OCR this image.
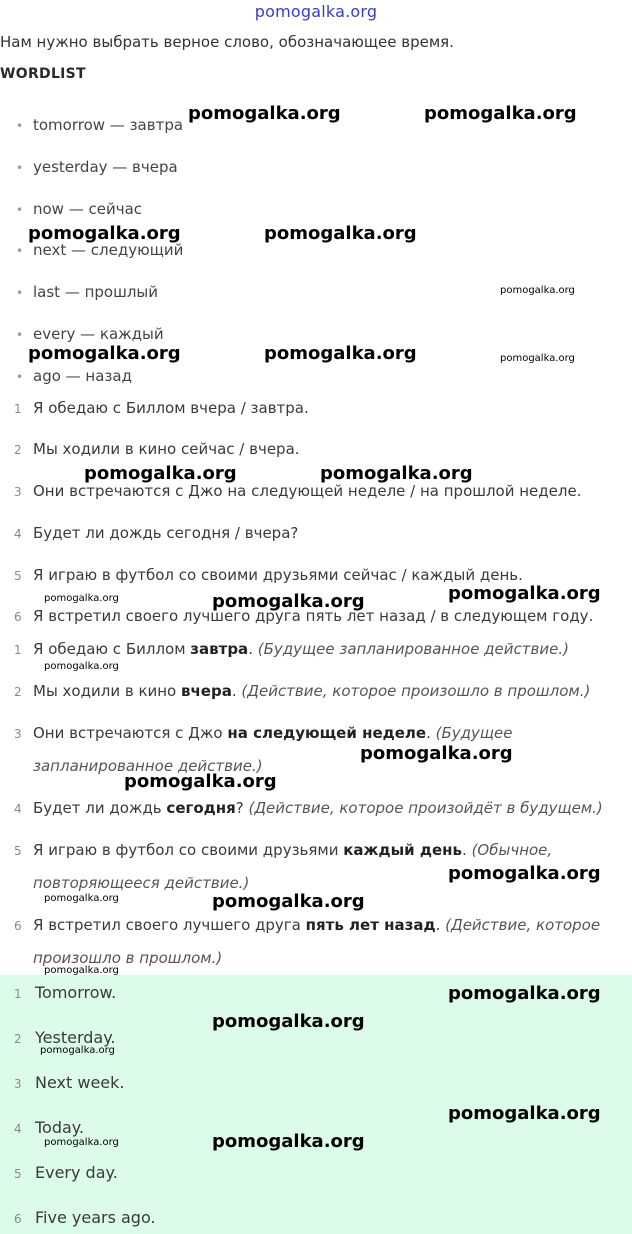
pomogalka.org
Нам нужно выбрать верное слово, обозначающее время.
WORDLIST
• tomorrow — завтра
• yesterday — вчера
• now — сейчас
• next — следующий
• last — прошлый
• every — каждый
• ago — назад
1 Я обедаю с Биллом вчера / завтра.
2 Мы ходили в кино сейчас / вчера.
3 Они встречаются с Джо на следующей неделе / на прошлой неделе.
4 Будет ли дождь сегодня / вчера?
5 Я играю в футбол со своими друзьями сейчас / каждый день.
6 Я встретил своего лучшего друга пять лет назад / в следующем году.
1 Я обедаю с Биллом завтра. (Будущее запланированное действие.)
2 Мы ходили в кино вчера. (Действие, которое произошло в прошлом.)
3 Они встречаются с Джо на следующей неделе. (Будущее
запланированное действие.)
4 Будет ли дождь сегодня? (Действие, которое произойдёт в будущем.)
5 Я играю в футбол со своими друзьями каждый день. (Обычное,
повторяющееся действие.)
6 Я встретил своего лучшего друга пять лет назад. (Действие, которое
произошло в прошлом.)
1 Tomorrow.
2 Yesterday.
3 Next week.
4 Today.
5 Every day.
6 Five years ago.
pomogalka.org	pomogalka.org
pomogalka.org	pomogalka.org
pomogalka.org
pomogalka.org	pomogalka.org	pomogalka.org
pomogalka.org	pomogalka.org
pomogalka.org
pomogalka.org	pomogalka.org
pomogalka.org
pomogalka.org
pomogalka.org
pomogalka.org
pomogalka.org	pomogalka.org
pomogalka.org
pomogalka.org
pomogalka.org
pomogalka.org
pomogalka.org
pomogalka.org	pomogalka.org
